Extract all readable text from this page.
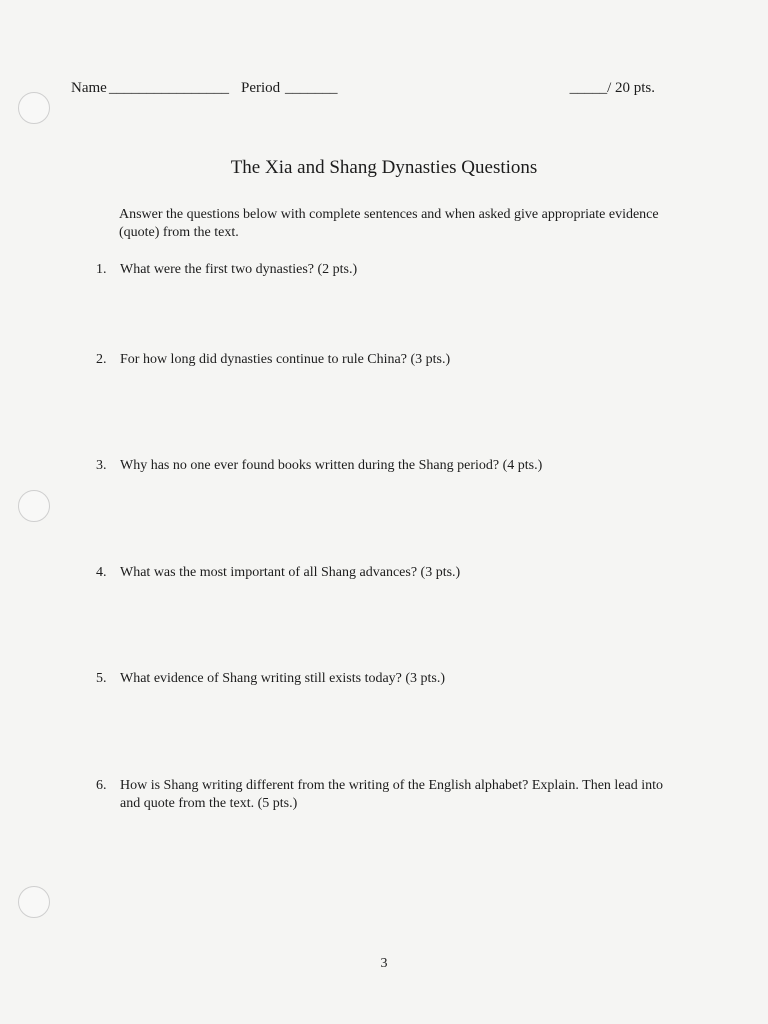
Name ________________ Period _______	_____/ 20 pts.
The Xia and Shang Dynasties Questions
Answer the questions below with complete sentences and when asked give appropriate evidence (quote) from the text.
1. What were the first two dynasties? (2 pts.)
2. For how long did dynasties continue to rule China? (3 pts.)
3. Why has no one ever found books written during the Shang period? (4 pts.)
4. What was the most important of all Shang advances? (3 pts.)
5. What evidence of Shang writing still exists today? (3 pts.)
6. How is Shang writing different from the writing of the English alphabet? Explain. Then lead into and quote from the text. (5 pts.)
3
